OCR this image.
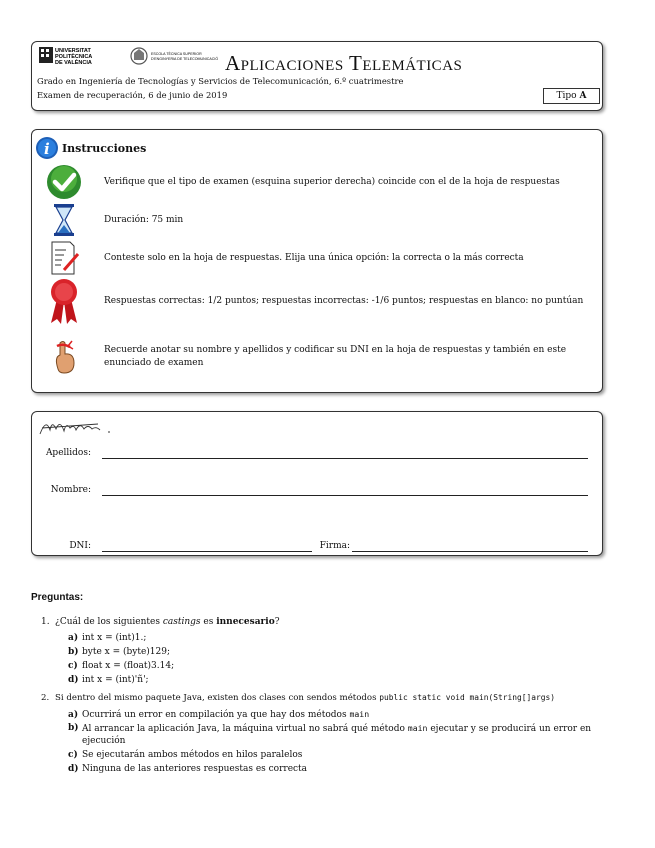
UNIVERSITAT
POLITÈCNICA
DE VALÈNCIA
ESCOLA TÈCNICA SUPERIOR
D'ENGINYERIA DE TELECOMUNICACIÓ Aplicaciones Telemáticas
Grado en Ingeniería de Tecnologías y Servicios de Telecomunicación, 6.º cuatrimestre
Examen de recuperación, 6 de junio de 2019	Tipo A
i Instrucciones
Verifique que el tipo de examen (esquina superior derecha) coincide con el de la hoja de respuestas
Duración: 75 min
Conteste solo en la hoja de respuestas. Elija una única opción: la correcta o la más correcta
Respuestas correctas: 1/2 puntos; respuestas incorrectas: -1/6 puntos; respuestas en blanco: no puntúan
Recuerde anotar su nombre y apellidos y codificar su DNI en la hoja de respuestas y también en este enunciado de examen
Apellidos:
Nombre:
DNI:	Firma:
Preguntas:
1. ¿Cuál de los siguientes castings es innecesario?
a) int x = (int)1.;
b) byte x = (byte)129;
c) float x = (float)3.14;
d) int x = (int)'ñ';
2. Si dentro del mismo paquete Java, existen dos clases con sendos métodos public static void main(String[]args)
a) Ocurrirá un error en compilación ya que hay dos métodos main
b) Al arrancar la aplicación Java, la máquina virtual no sabrá qué método main ejecutar y se producirá un error en ejecución
c) Se ejecutarán ambos métodos en hilos paralelos
d) Ninguna de las anteriores respuestas es correcta
